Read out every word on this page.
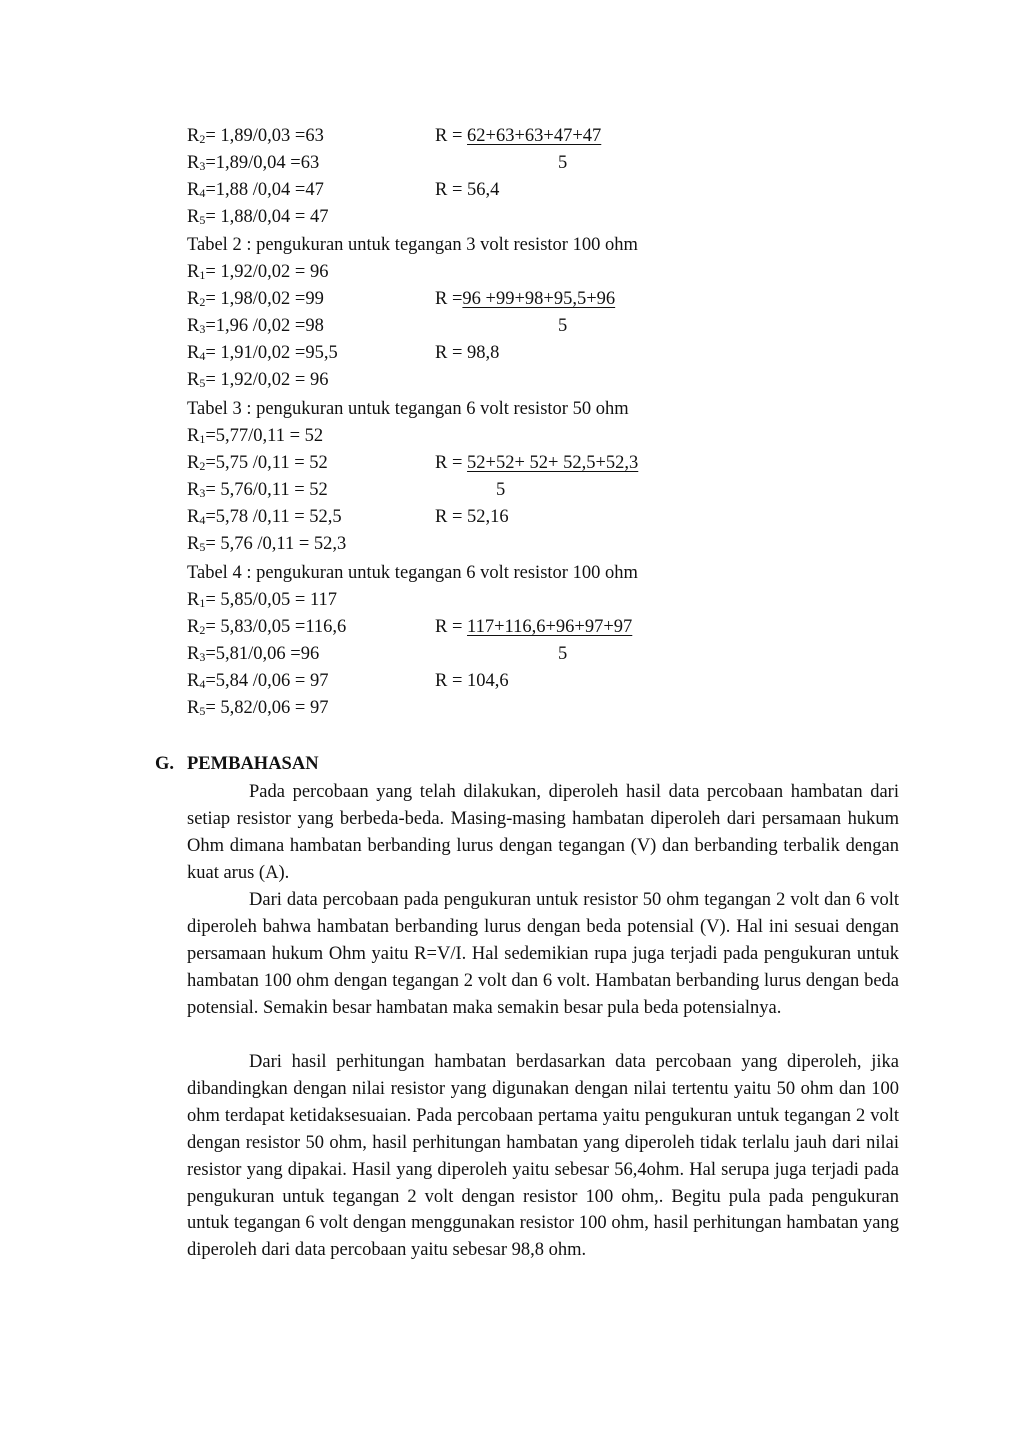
$R_2= 1,89/0,03 =63$
$R_3=1,89/0,04 =63$
$R_4=1,88$ /0,04 =47
$R_5= 1,88/0,04 = 47$
R = 62+63+63+47+47
5
R = 56,4
Tabel 2 : pengukuran untuk tegangan 3 volt resistor 100 ohm
$R_1= 1,92/0,02 = 96$
$R_2= 1,98/0,02 =99$
$R_3=1,96$ /0,02 =98
$R_4= 1,91/0,02 =95,5$
$R_5= 1,92/0,02 = 96$
R =96 +99+98+95,5+96
5
R = 98,8
Tabel 3 : pengukuran untuk tegangan 6 volt resistor 50 ohm
$R_1=5,77/0,11 = 52$
$R_2=5,75$ /0,11 = 52
$R_3= 5,76/0,11 = 52$
$R_4=5,78$ /0,11 = 52,5
$R_5= 5,76$ /0,11 = 52,3
R = 52+52+ 52+ 52,5+52,3
5
R = 52,16
Tabel 4 : pengukuran untuk tegangan 6 volt resistor 100 ohm
$R_1= 5,85/0,05 = 117$
$R_2= 5,83/0,05 =116,6$
$R_3=5,81/0,06 =96$
$R_4=5,84$ /0,06 = 97
$R_5= 5,82/0,06 = 97$
R = 117+116,6+96+97+97
5
R = 104,6
G. PEMBAHASAN

Pada percobaan yang telah dilakukan, diperoleh hasil data percobaan hambatan dari setiap resistor yang berbeda-beda. Masing-masing hambatan diperoleh dari persamaan hukum Ohm dimana hambatan berbanding lurus dengan tegangan (V) dan berbanding terbalik dengan kuat arus (A).

Dari data percobaan pada pengukuran untuk resistor 50 ohm tegangan 2 volt dan 6 volt diperoleh bahwa hambatan berbanding lurus dengan beda potensial (V). Hal ini sesuai dengan persamaan hukum Ohm yaitu R=V/I. Hal sedemikian rupa juga terjadi pada pengukuran untuk hambatan 100 ohm dengan tegangan 2 volt dan 6 volt. Hambatan berbanding lurus dengan beda potensial. Semakin besar hambatan maka semakin besar pula beda potensialnya.

Dari hasil perhitungan hambatan berdasarkan data percobaan yang diperoleh, jika dibandingkan dengan nilai resistor yang digunakan dengan nilai tertentu yaitu 50 ohm dan 100 ohm terdapat ketidaksesuaian. Pada percobaan pertama yaitu pengukuran untuk tegangan 2 volt dengan resistor 50 ohm, hasil perhitungan hambatan yang diperoleh tidak terlalu jauh dari nilai resistor yang dipakai. Hasil yang diperoleh yaitu sebesar 56,4ohm. Hal serupa juga terjadi pada pengukuran untuk tegangan 2 volt dengan resistor 100 ohm,. Begitu pula pada pengukuran untuk tegangan 6 volt dengan menggunakan resistor 100 ohm, hasil perhitungan hambatan yang diperoleh dari data percobaan yaitu sebesar 98,8 ohm.
